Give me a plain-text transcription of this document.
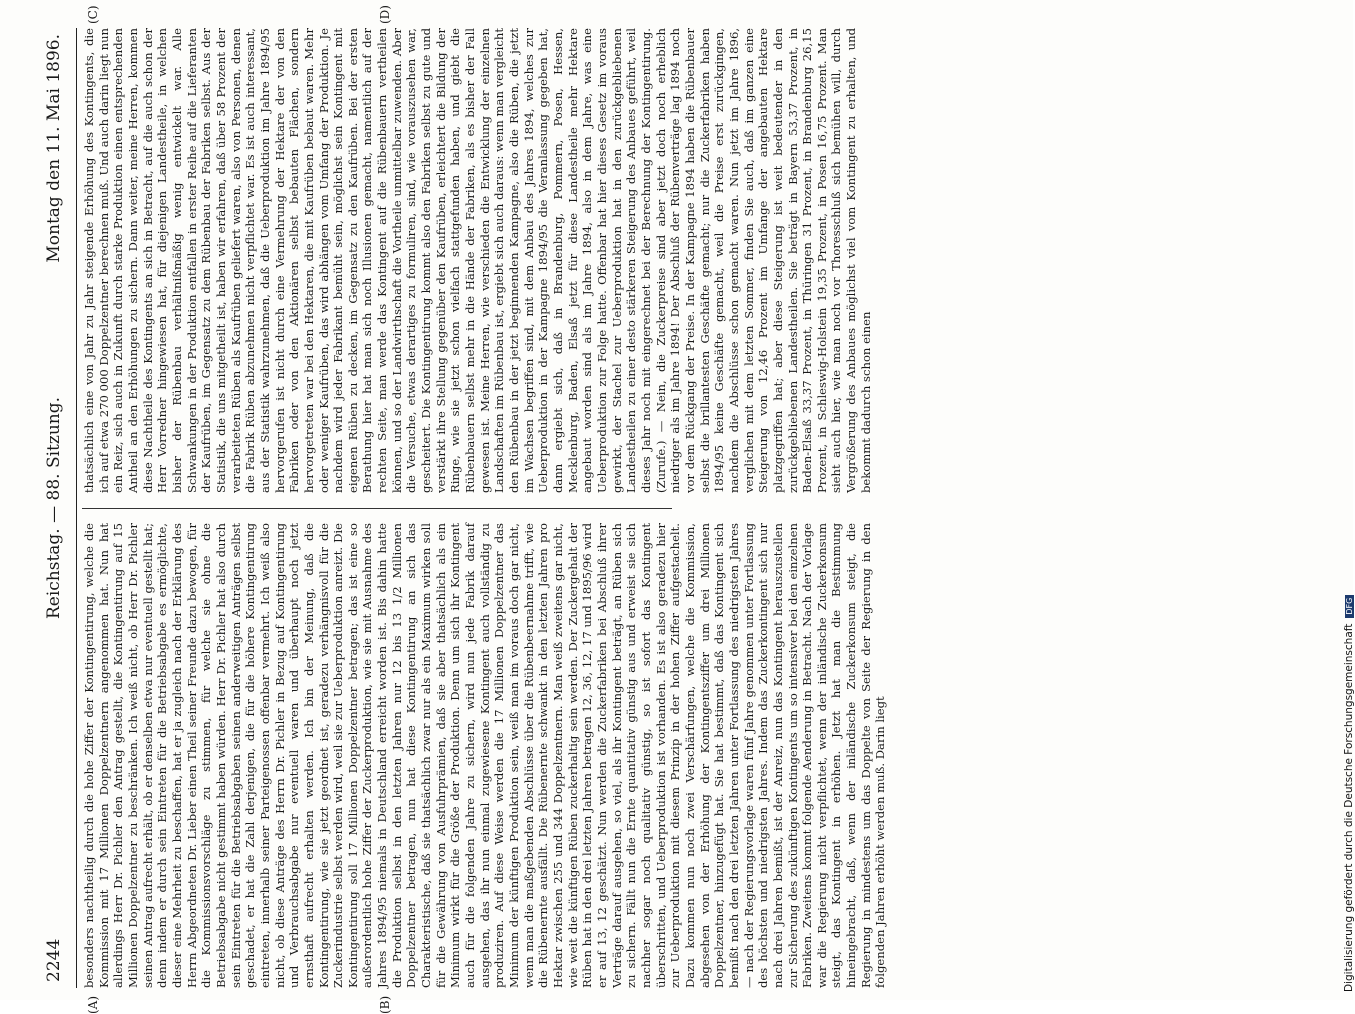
2244
Reichstag. — 88. Sitzung.
Montag den 11. Mai 1896.
(A)	(B)
(C)	(D)

besonders nachtheilig durch die hohe Ziffer der Kontingentirung, welche die Kommission mit 17 Millionen Doppelzentnern angenommen hat. Nun hat allerdings Herr Dr. Pichler den Antrag gestellt, die Kontingentirung auf 15 Millionen Doppelzentner zu beschränken. Ich weiß nicht, ob Herr Dr. Pichler seinen Antrag aufrecht erhält, ob er denselben etwa nur eventuell gestellt hat; denn indem er durch sein Eintreten für die Betriebsabgabe es ermöglichte, dieser eine Mehrheit zu beschaffen, hat er ja zugleich nach der Erklärung des Herrn Abgeordneten Dr. Lieber einen Theil seiner Freunde dazu bewogen, für die Kommissionsvorschläge zu stimmen, für welche sie ohne die Betriebsabgabe nicht gestimmt haben würden. Herr Dr. Pichler hat also durch sein Eintreten für die Betriebsabgaben seinen anderweitigen Anträgen selbst geschadet, er hat die Zahl derjenigen, die für die höhere Kontingentirung eintreten, innerhalb seiner Parteigenossen offenbar vermehrt. Ich weiß also nicht, ob diese Anträge des Herrn Dr. Pichler in Bezug auf Kontingentirung und Verbrauchsabgabe nur eventuell waren und überhaupt noch jetzt ernsthaft aufrecht erhalten werden. Ich bin der Meinung, daß die Kontingentirung, wie sie jetzt geordnet ist, geradezu verhängnisvoll für die Zuckerindustrie selbst werden wird, weil sie zur Ueberproduktion anreizt. Die Kontingentirung soll 17 Millionen Doppelzentner betragen; das ist eine so außerordentlich hohe Ziffer der Zuckerproduktion, wie sie mit Ausnahme des Jahres 1894/95 niemals in Deutschland erreicht worden ist. Bis dahin hatte die Produktion selbst in den letzten Jahren nur 12 bis 13 1/2 Millionen Doppelzentner betragen, nun hat diese Kontingentirung an sich das Charakteristische, daß sie thatsächlich zwar nur als ein Maximum wirken soll für die Gewährung von Ausfuhrprämien, daß sie aber thatsächlich als ein Minimum wirkt für die Größe der Produktion. Denn um sich ihr Kontingent auch für die folgenden Jahre zu sichern, wird nun jede Fabrik darauf ausgehen, das ihr nun einmal zugewiesene Kontingent auch vollständig zu produziren. Auf diese Weise werden die 17 Millionen Doppelzentner das Minimum der künftigen Produktion sein, weiß man im voraus doch gar nicht, wenn man die maßgebenden Abschlüsse über die Rübenbeernahme trifft, wie die Rübenernte ausfällt. Die Rübenernte schwankt in den letzten Jahren pro Hektar zwischen 255 und 344 Doppelzentnern. Man weiß zweitens gar nicht, wie weit die künftigen Rüben zuckerhaltig sein werden. Der Zuckergehalt der Rüben hat in den drei letzten Jahren betragen 12, 36, 12, 17 und 1895/96 wird er auf 13, 12 geschätzt. Nun werden die Zuckerfabriken bei Abschluß ihrer Verträge darauf ausgehen, so viel, als ihr Kontingent beträgt, an Rüben sich zu sichern. Fällt nun die Ernte quantitativ günstig aus und erweist sie sich nachher sogar noch qualitativ günstig, so ist sofort das Kontingent überschritten, und Ueberproduktion ist vorhanden. Es ist also geradezu hier zur Ueberproduktion mit diesem Prinzip in der hohen Ziffer aufgestachelt. Dazu kommen nun noch zwei Verschärfungen, welche die Kommission, abgesehen von der Erhöhung der Kontingentsziffer um drei Millionen Doppelzentner, hinzugefügt hat. Sie hat bestimmt, daß das Kontingent sich bemißt nach den drei letzten Jahren unter Fortlassung des niedrigsten Jahres — nach der Regierungsvorlage waren fünf Jahre genommen unter Fortlassung des höchsten und niedrigsten Jahres. Indem das Zuckerkontingent sich nur nach drei Jahren bemißt, ist der Anreiz, nun das Kontingent herauszustellen zur Sicherung des zukünftigen Kontingents um so intensiver bei den einzelnen Fabriken. Zweitens kommt folgende Aenderung in Betracht. Nach der Vorlage war die Regierung nicht verpflichtet, wenn der inländische Zuckerkonsum steigt, das Kontingent in erhöhen. Jetzt hat man die Bestimmung hineingebracht, daß, wenn der inländische Zuckerkonsum steigt, die Regierung in mindestens um das Doppelte von Seite der Regierung in den folgenden Jahren erhöht werden muß. Darin liegt

thatsächlich eine von Jahr zu Jahr steigende Erhöhung des Kontingents, die ich auf etwa 270 000 Doppelzentner berechnen muß. Und auch darin liegt nun ein Reiz, sich auch in Zukunft durch starke Produktion einen entsprechenden Antheil an den Erhöhungen zu sichern. Dann weiter, meine Herren, kommen diese Nachtheile des Kontingents an sich in Betracht, auf die auch schon der Herr Vorredner hingewiesen hat, für diejenigen Landestheile, in welchen bisher der Rübenbau verhältnißmäßig wenig entwickelt war. Alle Schwankungen in der Produktion entfallen in erster Reihe auf die Lieferanten der Kaufrüben, im Gegensatz zu dem Rübenbau der Fabriken selbst. Aus der Statistik, die uns mitgetheilt ist, haben wir erfahren, daß über 58 Prozent der verarbeiteten Rüben als Kaufrüben geliefert waren, also von Personen, denen die Fabrik Rüben abzunehmen nicht verpflichtet war. Es ist auch interessant, aus der Statistik wahrzunehmen, daß die Ueberproduktion im Jahre 1894/95 hervorgerufen ist nicht durch eine Vermehrung der Hektare der von den Fabriken oder von den Aktionären selbst bebauten Flächen, sondern hervorgetreten war bei den Hektaren, die mit Kaufrüben bebaut waren. Mehr oder weniger Kaufrüben, das wird abhängen vom Umfang der Produktion. Je nachdem wird jeder Fabrikant bemüht sein, möglichst sein Kontingent mit eigenen Rüben zu decken, im Gegensatz zu den Kaufrüben. Bei der ersten Berathung hier hat man sich noch Illusionen gemacht, namentlich auf der rechten Seite, man werde das Kontingent auf die Rübenbauern vertheilen können, und so der Landwirthschaft die Vortheile unmittelbar zuwenden. Aber die Versuche, etwas derartiges zu formuliren, sind, wie vorauszusehen war, gescheitert. Die Kontingentirung kommt also den Fabriken selbst zu gute und verstärkt ihre Stellung gegenüber den Kaufrüben, erleichtert die Bildung der Ringe, wie sie jetzt schon vielfach stattgefunden haben, und giebt die Rübenbauern selbst mehr in die Hände der Fabriken, als es bisher der Fall gewesen ist. Meine Herren, wie verschieden die Entwicklung der einzelnen Landschaften im Rübenbau ist, ergiebt sich auch daraus: wenn man vergleicht den Rübenbau in der jetzt beginnenden Kampagne, also die Rüben, die jetzt im Wachsen begriffen sind, mit dem Anbau des Jahres 1894, welches zur Ueberproduktion in der Kampagne 1894/95 die Veranlassung gegeben hat, dann ergiebt sich, daß in Brandenburg, Pommern, Posen, Hessen, Mecklenburg, Baden, Elsaß jetzt für diese Landestheile mehr Hektare angebaut worden sind als im Jahre 1894, also in dem Jahre, was eine Ueberproduktion zur Folge hatte. Offenbar hat hier dieses Gesetz im voraus gewirkt, der Stachel zur Ueberproduktion hat in den zurückgebliebenen Landestheilen zu einer desto stärkeren Steigerung des Anbaues geführt, weil dieses Jahr noch mit eingerechnet bei der Berechnung der Kontingentirung. (Zurufe.) — Nein, die Zuckerpreise sind aber jetzt doch noch erheblich niedriger als im Jahre 1894! Der Abschluß der Rübenverträge lag 1894 noch vor dem Rückgang der Preise. In der Kampagne 1894 haben die Rübenbauer selbst die brillantesten Geschäfte gemacht; nur die Zuckerfabriken haben 1894/95 keine Geschäfte gemacht, weil die Preise erst zurückgingen, nachdem die Abschlüsse schon gemacht waren. Nun jetzt im Jahre 1896, verglichen mit dem letzten Sommer, finden Sie auch, daß im ganzen eine Steigerung von 12,46 Prozent im Umfange der angebauten Hektare platzgegriffen hat; aber diese Steigerung ist weit bedeutender in den zurückgebliebenen Landestheilen. Sie beträgt in Bayern 53,37 Prozent, in Baden-Elsaß 33,37 Prozent, in Thüringen 31 Prozent, in Brandenburg 26,15 Prozent, in Schleswig-Holstein 19,35 Prozent, in Posen 16,75 Prozent. Man sieht auch hier, wie man noch vor Thoresschluß sich bemühen will, durch Vergrößerung des Anbaues möglichst viel vom Kontingent zu erhalten, und bekommt dadurch schon einen

Digitalisierung gefördert durch die Deutsche ForschungsgemeinschaftDFG
